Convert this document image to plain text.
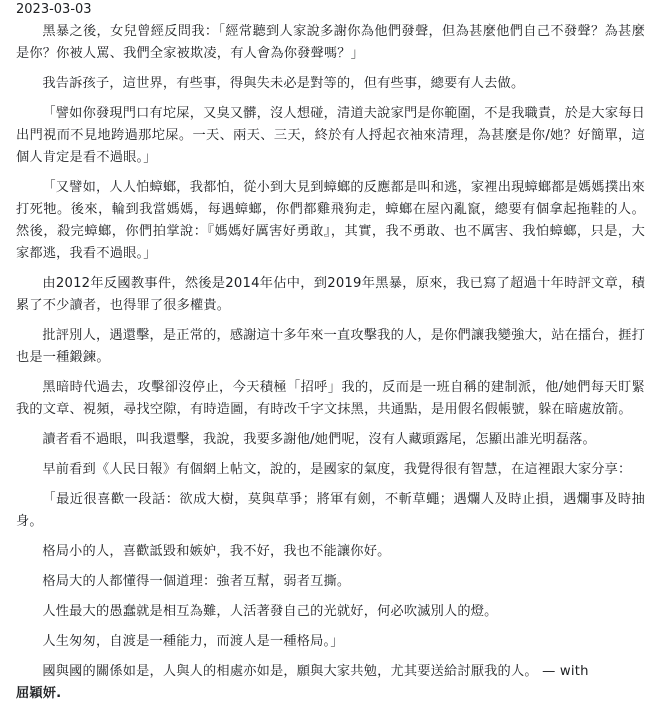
2023-03-03

黑暴之後，女兒曾經反問我：「經常聽到人家說多謝你為他們發聲，但為甚麼他們自己不發聲？為甚麼是你？你被人罵、我們全家被欺凌，有人會為你發聲嗎？」

我告訴孩子，這世界，有些事，得與失未必是對等的，但有些事，總要有人去做。

「譬如你發現門口有坨屎，又臭又髒，沒人想碰，清道夫說家門是你範圍，不是我職責，於是大家每日出門視而不見地跨過那坨屎。一天、兩天、三天，終於有人捋起衣袖來清理，為甚麼是你/她？好簡單，這個人肯定是看不過眼。」

「又譬如，人人怕蟑螂，我都怕，從小到大見到蟑螂的反應都是叫和逃，家裡出現蟑螂都是媽媽撲出來打死牠。後來，輪到我當媽媽，每遇蟑螂，你們都雞飛狗走，蟑螂在屋內亂竄，總要有個拿起拖鞋的人。然後，殺完蟑螂，你們拍掌說：『媽媽好厲害好勇敢』，其實，我不勇敢、也不厲害、我怕蟑螂，只是，大家都逃，我看不過眼。」

由2012年反國教事件，然後是2014年佔中，到2019年黑暴，原來，我已寫了超過十年時評文章，積累了不少讀者，也得罪了很多權貴。

批評別人，遇還擊，是正常的，感謝這十多年來一直攻擊我的人，是你們讓我變強大，站在擂台，捱打也是一種鍛鍊。

黑暗時代過去，攻擊卻沒停止，今天積極「招呼」我的，反而是一班自稱的建制派，他/她們每天盯緊我的文章、視頻，尋找空隙，有時造圖，有時改千字文抹黑，共通點，是用假名假帳號，躲在暗處放箭。

讀者看不過眼，叫我還擊，我說，我要多謝他/她們呢，沒有人藏頭露尾，怎顯出誰光明磊落。

早前看到《人民日報》有個網上帖文，說的，是國家的氣度，我覺得很有智慧，在這裡跟大家分享：

「最近很喜歡一段話：欲成大樹，莫與草爭；將軍有劍，不斬草蠅；遇爛人及時止損，遇爛事及時抽身。

格局小的人，喜歡詆毀和嫉妒，我不好，我也不能讓你好。

格局大的人都懂得一個道理：強者互幫，弱者互撕。

人性最大的愚蠢就是相互為難，人活著發自己的光就好，何必吹滅別人的燈。

人生匆匆，自渡是一種能力，而渡人是一種格局。」

國與國的關係如是，人與人的相處亦如是，願與大家共勉，尤其要送給討厭我的人。 — with

屈穎妍.
